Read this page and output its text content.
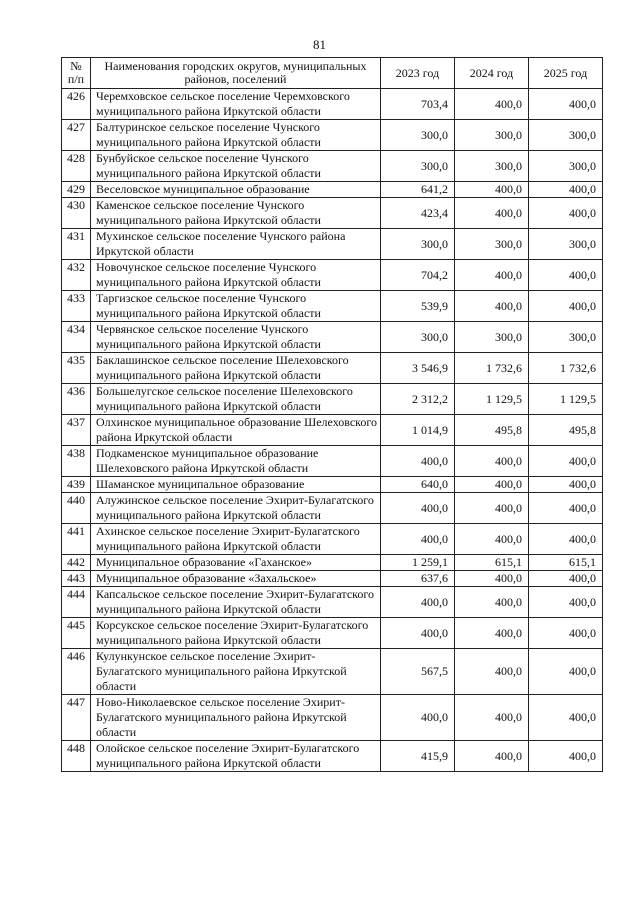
81
№ п/п	Наименования городских округов, муниципальных районов, поселений	2023 год	2024 год	2025 год
426	Черемховское сельское поселение Черемховского муниципального района Иркутской области	703,4	400,0	400,0
427	Балтуринское сельское поселение Чунского муниципального района Иркутской области	300,0	300,0	300,0
428	Бунбуйское сельское поселение Чунского муниципального района Иркутской области	300,0	300,0	300,0
429	Веселовское муниципальное образование	641,2	400,0	400,0
430	Каменское сельское поселение Чунского муниципального района Иркутской области	423,4	400,0	400,0
431	Мухинское сельское поселение Чунского района Иркутской области	300,0	300,0	300,0
432	Новочунское сельское поселение Чунского муниципального района Иркутской области	704,2	400,0	400,0
433	Таргизское сельское поселение Чунского муниципального района Иркутской области	539,9	400,0	400,0
434	Червянское сельское поселение Чунского муниципального района Иркутской области	300,0	300,0	300,0
435	Баклашинское сельское поселение Шелеховского муниципального района Иркутской области	3 546,9	1 732,6	1 732,6
436	Большелугское сельское поселение Шелеховского муниципального района Иркутской области	2 312,2	1 129,5	1 129,5
437	Олхинское муниципальное образование Шелеховского района Иркутской области	1 014,9	495,8	495,8
438	Подкаменское муниципальное образование Шелеховского района Иркутской области	400,0	400,0	400,0
439	Шаманское муниципальное образование	640,0	400,0	400,0
440	Алужинское сельское поселение Эхирит-Булагатского муниципального района Иркутской области	400,0	400,0	400,0
441	Ахинское сельское поселение Эхирит-Булагатского муниципального района Иркутской области	400,0	400,0	400,0
442	Муниципальное образование «Гаханское»	1 259,1	615,1	615,1
443	Муниципальное образование «Захальское»	637,6	400,0	400,0
444	Капсальское сельское поселение Эхирит-Булагатского муниципального района Иркутской области	400,0	400,0	400,0
445	Корсукское сельское поселение Эхирит-Булагатского муниципального района Иркутской области	400,0	400,0	400,0
446	Кулункунское сельское поселение Эхирит-Булагатского муниципального района Иркутской области	567,5	400,0	400,0
447	Ново-Николаевское сельское поселение Эхирит-Булагатского муниципального района Иркутской области	400,0	400,0	400,0
448	Олойское сельское поселение Эхирит-Булагатского муниципального района Иркутской области	415,9	400,0	400,0
